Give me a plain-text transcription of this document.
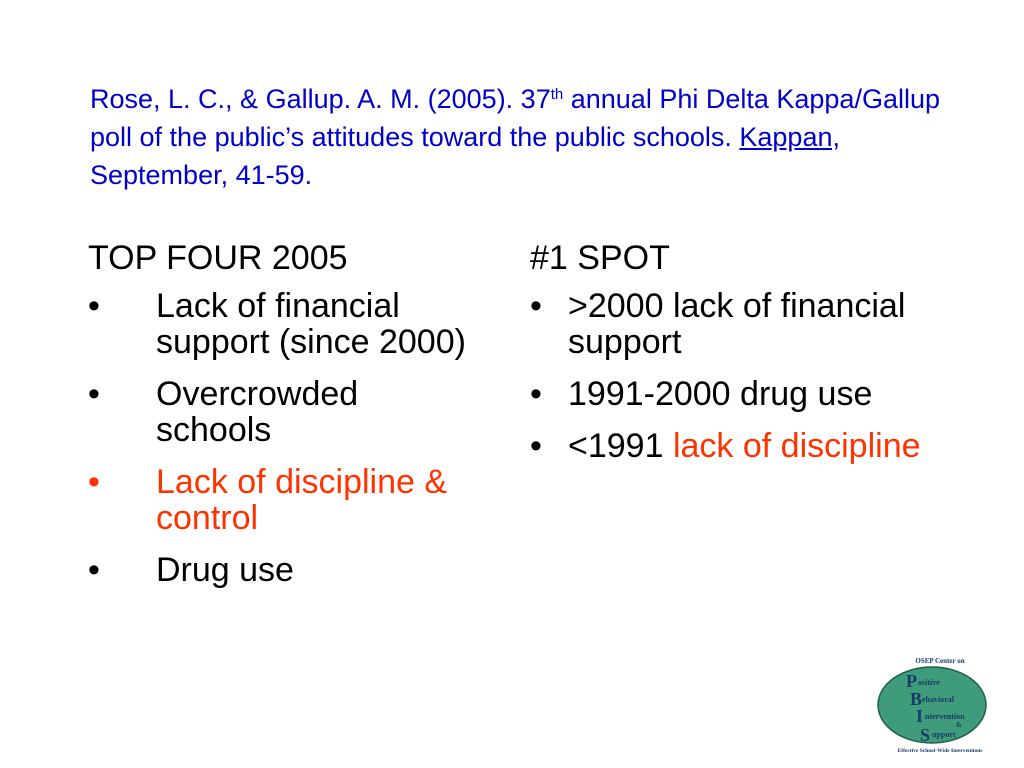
Rose, L. C., & Gallup. A. M. (2005). 37th annual Phi Delta Kappa/Gallup poll of the public’s attitudes toward the public schools. Kappan, September, 41-59.
TOP FOUR 2005
• Lack of financial support (since 2000)
• Overcrowded schools
• Lack of discipline & control
• Drug use
#1 SPOT
• >2000 lack of financial support
• 1991-2000 drug use
• <1991 lack of discipline
OSEP Center on
P ositive
B ehavioral
I ntervention
&
S upport
Effective School-Wide Interventions
